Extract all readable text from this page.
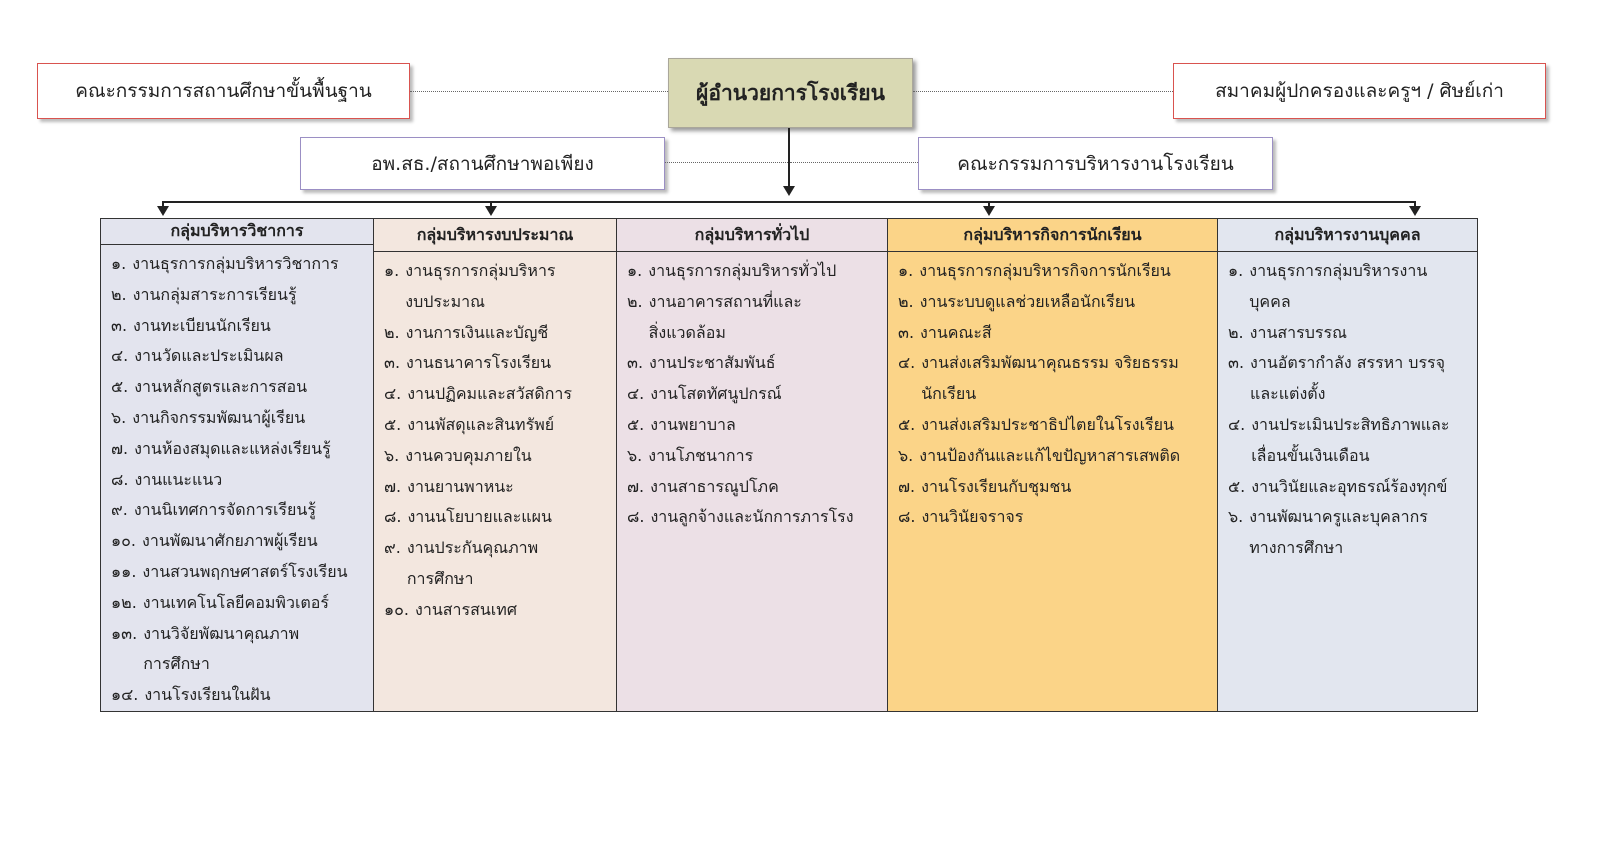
คณะกรรมการสถานศึกษาขั้นพื้นฐาน	ผู้อำนวยการโรงเรียน	สมาคมผู้ปกครองและครูฯ / ศิษย์เก่า
อพ.สธ./สถานศึกษาพอเพียง	คณะกรรมการบริหารงานโรงเรียน
กลุ่มบริหารวิชาการ
๑. งานธุรการกลุ่มบริหารวิชาการ
๒. งานกลุ่มสาระการเรียนรู้
๓. งานทะเบียนนักเรียน
๔. งานวัดและประเมินผล
๕. งานหลักสูตรและการสอน
๖. งานกิจกรรมพัฒนาผู้เรียน
๗. งานห้องสมุดและแหล่งเรียนรู้
๘. งานแนะแนว
๙. งานนิเทศการจัดการเรียนรู้
๑๐. งานพัฒนาศักยภาพผู้เรียน
๑๑. งานสวนพฤกษศาสตร์โรงเรียน
๑๒. งานเทคโนโลยีคอมพิวเตอร์
๑๓. งานวิจัยพัฒนาคุณภาพ
การศึกษา
๑๔. งานโรงเรียนในฝัน
กลุ่มบริหารงบประมาณ
๑. งานธุรการกลุ่มบริหาร
งบประมาณ
๒. งานการเงินและบัญชี
๓. งานธนาคารโรงเรียน
๔. งานปฏิคมและสวัสดิการ
๕. งานพัสดุและสินทรัพย์
๖. งานควบคุมภายใน
๗. งานยานพาหนะ
๘. งานนโยบายและแผน
๙. งานประกันคุณภาพ
การศึกษา
๑๐. งานสารสนเทศ
กลุ่มบริหารทั่วไป
๑. งานธุรการกลุ่มบริหารทั่วไป
๒. งานอาคารสถานที่และ
สิ่งแวดล้อม
๓. งานประชาสัมพันธ์
๔. งานโสตทัศนูปกรณ์
๕. งานพยาบาล
๖. งานโภชนาการ
๗. งานสาธารณูปโภค
๘. งานลูกจ้างและนักการภารโรง
กลุ่มบริหารกิจการนักเรียน
๑. งานธุรการกลุ่มบริหารกิจการนักเรียน
๒. งานระบบดูแลช่วยเหลือนักเรียน
๓. งานคณะสี
๔. งานส่งเสริมพัฒนาคุณธรรม จริยธรรม
นักเรียน
๕. งานส่งเสริมประชาธิปไตยในโรงเรียน
๖. งานป้องกันและแก้ไขปัญหาสารเสพติด
๗. งานโรงเรียนกับชุมชน
๘. งานวินัยจราจร
กลุ่มบริหารงานบุคคล
๑. งานธุรการกลุ่มบริหารงาน
บุคคล
๒. งานสารบรรณ
๓. งานอัตรากำลัง สรรหา บรรจุ
และแต่งตั้ง
๔. งานประเมินประสิทธิภาพและ
เลื่อนขั้นเงินเดือน
๕. งานวินัยและอุทธรณ์ร้องทุกข์
๖. งานพัฒนาครูและบุคลากร
ทางการศึกษา
